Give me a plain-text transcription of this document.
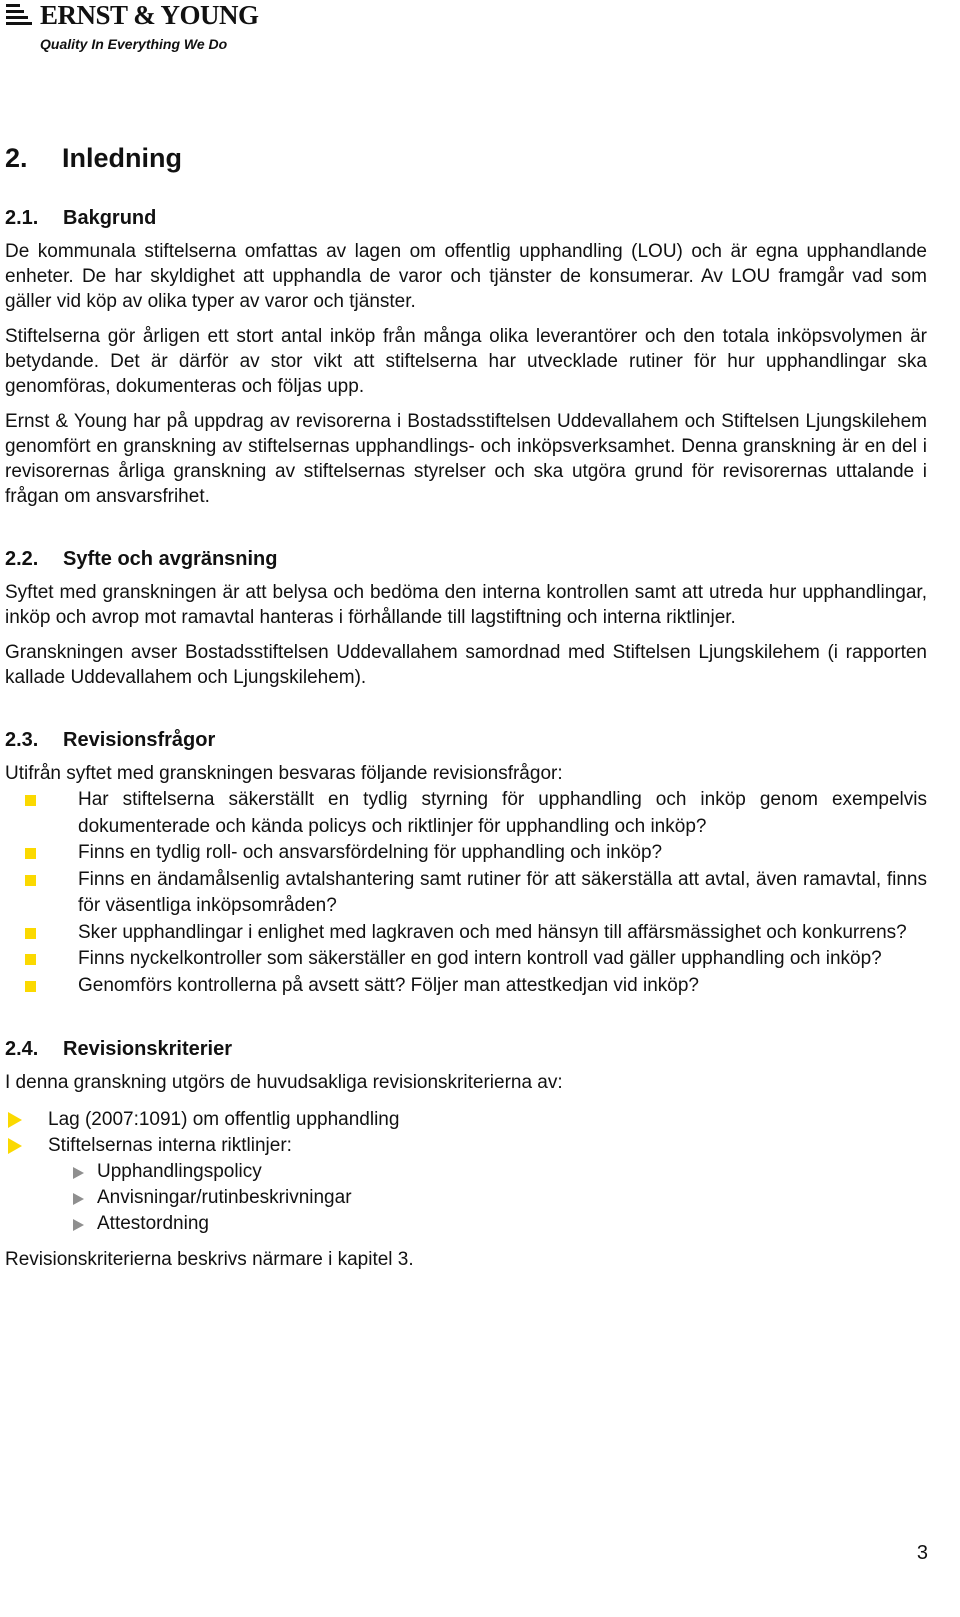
ERNST & YOUNG
Quality In Everything We Do
2.	Inledning
2.1.	Bakgrund

De kommunala stiftelserna omfattas av lagen om offentlig upphandling (LOU) och är egna upphandlande enheter. De har skyldighet att upphandla de varor och tjänster de konsumerar. Av LOU framgår vad som gäller vid köp av olika typer av varor och tjänster.

Stiftelserna gör årligen ett stort antal inköp från många olika leverantörer och den totala inköpsvolymen är betydande. Det är därför av stor vikt att stiftelserna har utvecklade rutiner för hur upphandlingar ska genomföras, dokumenteras och följas upp.

Ernst & Young har på uppdrag av revisorerna i Bostadsstiftelsen Uddevallahem och Stiftelsen Ljungskilehem genomfört en granskning av stiftelsernas upphandlings- och inköpsverksamhet. Denna granskning är en del i revisorernas årliga granskning av stiftelsernas styrelser och ska utgöra grund för revisorernas uttalande i frågan om ansvarsfrihet.

2.2.	Syfte och avgränsning

Syftet med granskningen är att belysa och bedöma den interna kontrollen samt att utreda hur upphandlingar, inköp och avrop mot ramavtal hanteras i förhållande till lagstiftning och interna riktlinjer.

Granskningen avser Bostadsstiftelsen Uddevallahem samordnad med Stiftelsen Ljungskilehem (i rapporten kallade Uddevallahem och Ljungskilehem).

2.3.	Revisionsfrågor

Utifrån syftet med granskningen besvaras följande revisionsfrågor:

Har stiftelserna säkerställt en tydlig styrning för upphandling och inköp genom exempelvis dokumenterade och kända policys och riktlinjer för upphandling och inköp?
Finns en tydlig roll- och ansvarsfördelning för upphandling och inköp?
Finns en ändamålsenlig avtalshantering samt rutiner för att säkerställa att avtal, även ramavtal, finns för väsentliga inköpsområden?
Sker upphandlingar i enlighet med lagkraven och med hänsyn till affärsmässighet och konkurrens?
Finns nyckelkontroller som säkerställer en god intern kontroll vad gäller upphandling och inköp?
Genomförs kontrollerna på avsett sätt? Följer man attestkedjan vid inköp?
2.4.	Revisionskriterier

I denna granskning utgörs de huvudsakliga revisionskriterierna av:

Lag (2007:1091) om offentlig upphandling
Stiftelsernas interna riktlinjer:
Upphandlingspolicy
Anvisningar/rutinbeskrivningar
Attestordning

Revisionskriterierna beskrivs närmare i kapitel 3.

3
